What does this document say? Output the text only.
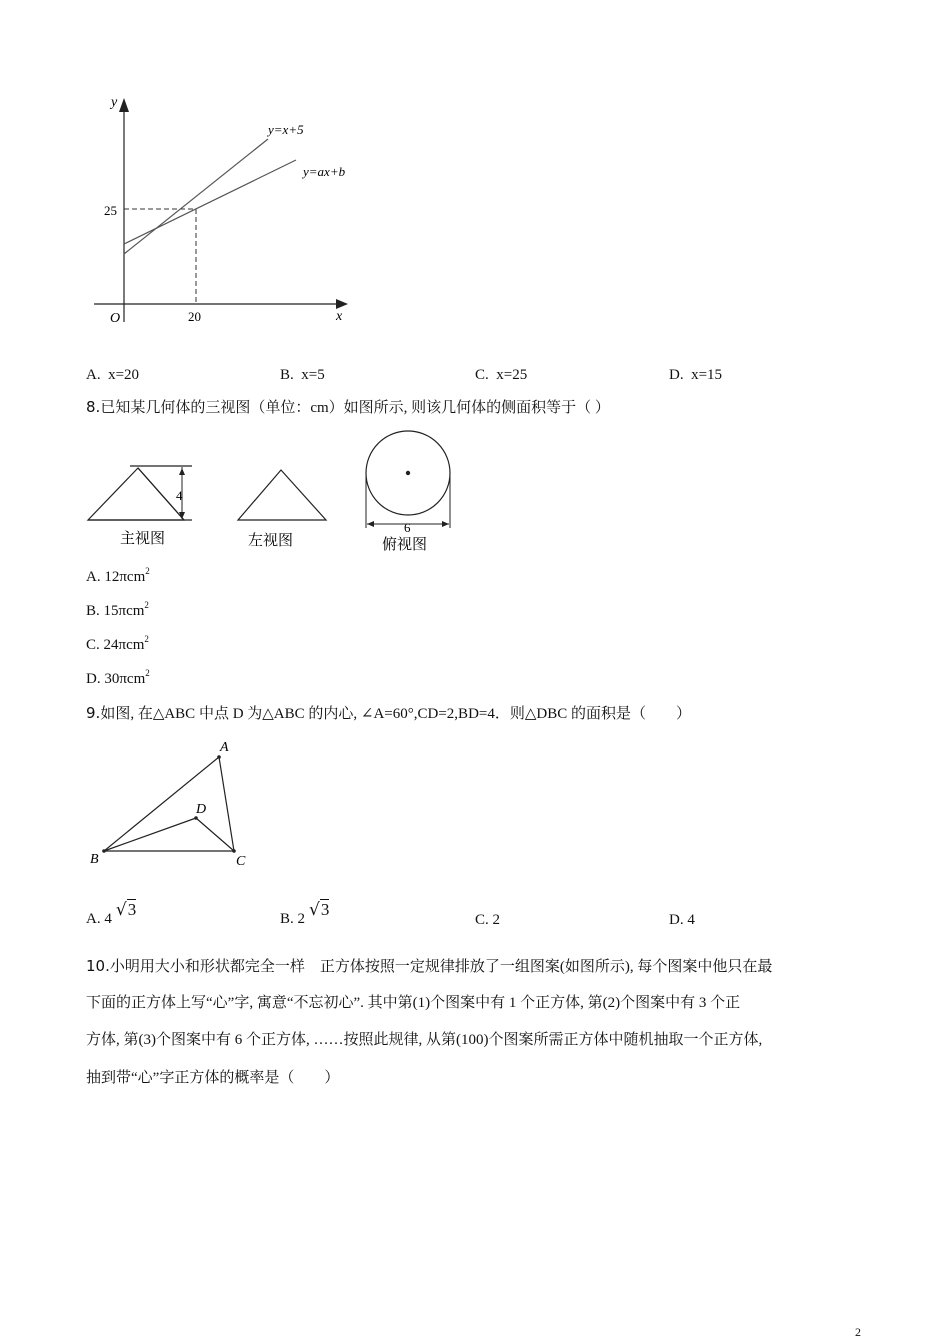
y
x
O
25
20
y=x+5
y=ax+b
A. x=20	B. x=5	C. x=25	D. x=15
8.已知某几何体的三视图（单位：cm）如图所示, 则该几何体的侧面积等于（ ）
4
主视图	左视图
6
俯视图
A. 12πcm$^2$
B. 15πcm$^2$
C. 24πcm$^2$
D. 30πcm$^2$
9.如图, 在△ABC 中点 D 为△ABC 的内心, ∠A=60°,CD=2,BD=4．则△DBC 的面积是（　　）
A
B	C
D
A. 4 √3	B. 2 √3
C. 2	D. 4
10.小明用大小和形状都完全一样　正方体按照一定规律排放了一组图案(如图所示), 每个图案中他只在最
下面的正方体上写“心”字, 寓意“不忘初心”. 其中第(1)个图案中有 1 个正方体, 第(2)个图案中有 3 个正
方体, 第(3)个图案中有 6 个正方体, ……按照此规律, 从第(100)个图案所需正方体中随机抽取一个正方体,
抽到带“心”字正方体的概率是（　　）
2
